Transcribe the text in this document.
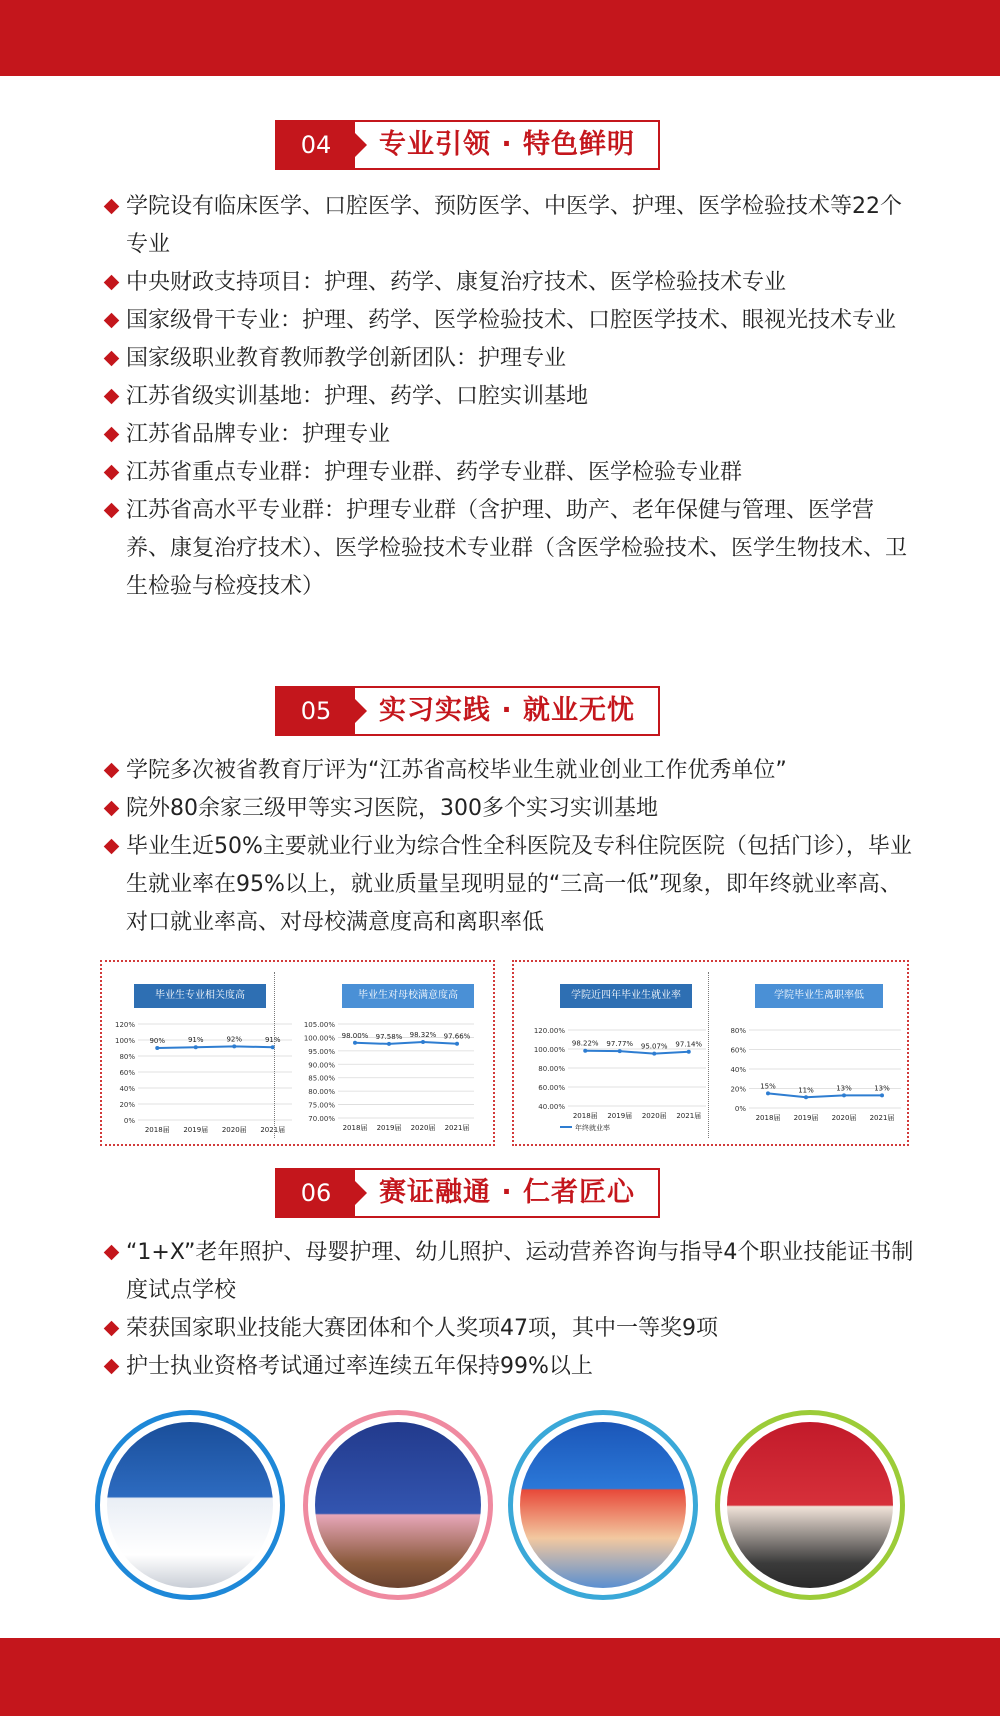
04	专业引领 · 特色鲜明
学院设有临床医学、口腔医学、预防医学、中医学、护理、医学检验技术等22个专业
中央财政支持项目：护理、药学、康复治疗技术、医学检验技术专业
国家级骨干专业：护理、药学、医学检验技术、口腔医学技术、眼视光技术专业
国家级职业教育教师教学创新团队：护理专业
江苏省级实训基地：护理、药学、口腔实训基地
江苏省品牌专业：护理专业
江苏省重点专业群：护理专业群、药学专业群、医学检验专业群
江苏省高水平专业群：护理专业群（含护理、助产、老年保健与管理、医学营养、康复治疗技术）、医学检验技术专业群（含医学检验技术、医学生物技术、卫生检验与检疫技术）
05	实习实践 · 就业无忧
学院多次被省教育厅评为“江苏省高校毕业生就业创业工作优秀单位”
院外80余家三级甲等实习医院，300多个实习实训基地
毕业生近50%主要就业行业为综合性全科医院及专科住院医院（包括门诊），毕业生就业率在95%以上，就业质量呈现明显的“三高一低”现象，即年终就业率高、对口就业率高、对母校满意度高和离职率低
毕业生专业相关度高
0%
20%
40%
60%
80%
100%
120%
90%	91%	92%	91%
2018届 2019届 2020届 2021届
毕业生对母校满意度高
70.00%
75.00%
80.00%
85.00%
90.00%
95.00%
100.00%
105.00%
98.00% 97.58% 98.32% 97.66%
2018届 2019届 2020届 2021届
学院近四年毕业生就业率
40.00%
60.00%
80.00%
100.00%
120.00%
98.22% 97.77% 95.07% 97.14%
2018届 2019届 2020届 2021届
年终就业率
学院毕业生离职率低
0%
20%
40%
60%
80%
15%	11%	13%	13%
2018届 2019届 2020届 2021届
06	赛证融通 · 仁者匠心
“1+X”老年照护、母婴护理、幼儿照护、运动营养咨询与指导4个职业技能证书制度试点学校
荣获国家职业技能大赛团体和个人奖项47项，其中一等奖9项
护士执业资格考试通过率连续五年保持99%以上
